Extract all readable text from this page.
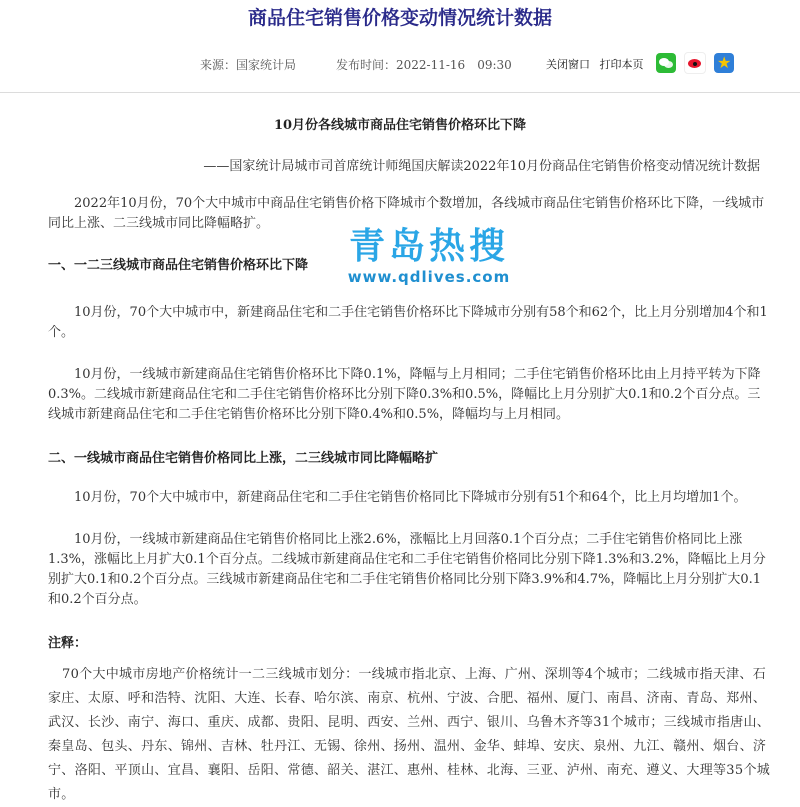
商品住宅销售价格变动情况统计数据
来源：国家统计局	发布时间：2022-11-16　09:30	关闭窗口 打印本页	★
10月份各线城市商品住宅销售价格环比下降
——国家统计局城市司首席统计师绳国庆解读2022年10月份商品住宅销售价格变动情况统计数据

2022年10月份，70个大中城市中商品住宅销售价格下降城市个数增加，各线城市商品住宅销售价格环比下降，一线城市同比上涨、二三线城市同比降幅略扩。

一、一二三线城市商品住宅销售价格环比下降

10月份，70个大中城市中，新建商品住宅和二手住宅销售价格环比下降城市分别有58个和62个，比上月分别增加4个和1个。

10月份，一线城市新建商品住宅销售价格环比下降0.1%，降幅与上月相同；二手住宅销售价格环比由上月持平转为下降0.3%。二线城市新建商品住宅和二手住宅销售价格环比分别下降0.3%和0.5%，降幅比上月分别扩大0.1和0.2个百分点。三线城市新建商品住宅和二手住宅销售价格环比分别下降0.4%和0.5%，降幅均与上月相同。

二、一线城市商品住宅销售价格同比上涨，二三线城市同比降幅略扩

10月份，70个大中城市中，新建商品住宅和二手住宅销售价格同比下降城市分别有51个和64个，比上月均增加1个。

10月份，一线城市新建商品住宅销售价格同比上涨2.6%，涨幅比上月回落0.1个百分点；二手住宅销售价格同比上涨1.3%，涨幅比上月扩大0.1个百分点。二线城市新建商品住宅和二手住宅销售价格同比分别下降1.3%和3.2%，降幅比上月分别扩大0.1和0.2个百分点。三线城市新建商品住宅和二手住宅销售价格同比分别下降3.9%和4.7%，降幅比上月分别扩大0.1和0.2个百分点。

注释：

70个大中城市房地产价格统计一二三线城市划分：一线城市指北京、上海、广州、深圳等4个城市；二线城市指天津、石家庄、太原、呼和浩特、沈阳、大连、长春、哈尔滨、南京、杭州、宁波、合肥、福州、厦门、南昌、济南、青岛、郑州、武汉、长沙、南宁、海口、重庆、成都、贵阳、昆明、西安、兰州、西宁、银川、乌鲁木齐等31个城市；三线城市指唐山、秦皇岛、包头、丹东、锦州、吉林、牡丹江、无锡、徐州、扬州、温州、金华、蚌埠、安庆、泉州、九江、赣州、烟台、济宁、洛阳、平顶山、宜昌、襄阳、岳阳、常德、韶关、湛江、惠州、桂林、北海、三亚、泸州、南充、遵义、大理等35个城市。

青岛热搜
www.qdlives.com
